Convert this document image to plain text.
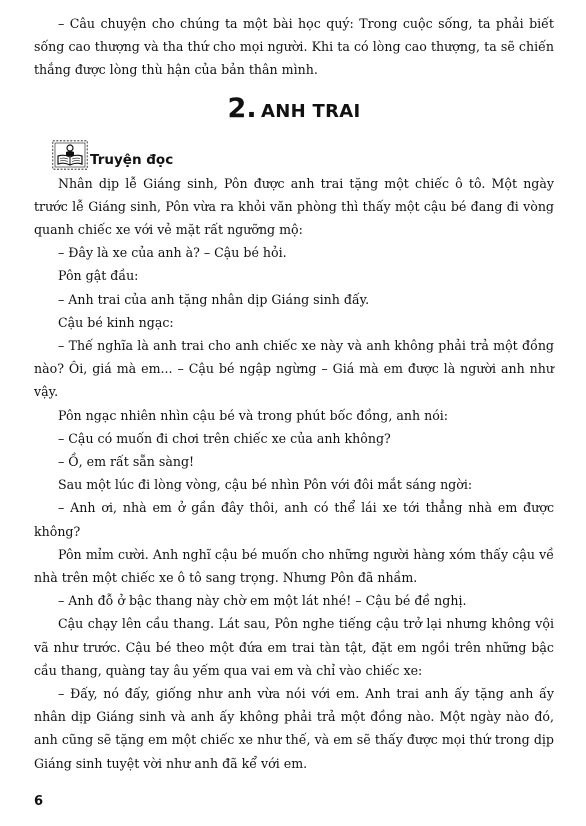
– Câu chuyện cho chúng ta một bài học quý: Trong cuộc sống, ta phải biết

sống cao thượng và tha thứ cho mọi người. Khi ta có lòng cao thượng, ta sẽ chiến thắng được lòng thù hận của bản thân mình.

2. ANH TRAI
Truyện đọc

Nhân dịp lễ Giáng sinh, Pôn được anh trai tặng một chiếc ô tô. Một ngày trước lễ Giáng sinh, Pôn vừa ra khỏi văn phòng thì thấy một cậu bé đang đi vòng quanh chiếc xe với vẻ mặt rất ngưỡng mộ:

– Đây là xe của anh à? – Cậu bé hỏi.

Pôn gật đầu:

– Anh trai của anh tặng nhân dịp Giáng sinh đấy.

Cậu bé kinh ngạc:

– Thế nghĩa là anh trai cho anh chiếc xe này và anh không phải trả một đồng nào? Ôi, giá mà em... – Cậu bé ngập ngừng – Giá mà em được là người anh như vậy.

Pôn ngạc nhiên nhìn cậu bé và trong phút bốc đồng, anh nói:

– Cậu có muốn đi chơi trên chiếc xe của anh không?

– Ồ, em rất sẵn sàng!

Sau một lúc đi lòng vòng, cậu bé nhìn Pôn với đôi mắt sáng ngời:

– Anh ơi, nhà em ở gần đây thôi, anh có thể lái xe tới thẳng nhà em được không?

Pôn mỉm cười. Anh nghĩ cậu bé muốn cho những người hàng xóm thấy cậu về nhà trên một chiếc xe ô tô sang trọng. Nhưng Pôn đã nhầm.

– Anh đỗ ở bậc thang này chờ em một lát nhé! – Cậu bé đề nghị.

Cậu chạy lên cầu thang. Lát sau, Pôn nghe tiếng cậu trở lại nhưng không vội vã như trước. Cậu bé theo một đứa em trai tàn tật, đặt em ngồi trên những bậc cầu thang, quàng tay âu yếm qua vai em và chỉ vào chiếc xe:

– Đấy, nó đấy, giống như anh vừa nói với em. Anh trai anh ấy tặng anh ấy nhân dịp Giáng sinh và anh ấy không phải trả một đồng nào. Một ngày nào đó, anh cũng sẽ tặng em một chiếc xe như thế, và em sẽ thấy được mọi thứ trong dịp Giáng sinh tuyệt vời như anh đã kể với em.

6
